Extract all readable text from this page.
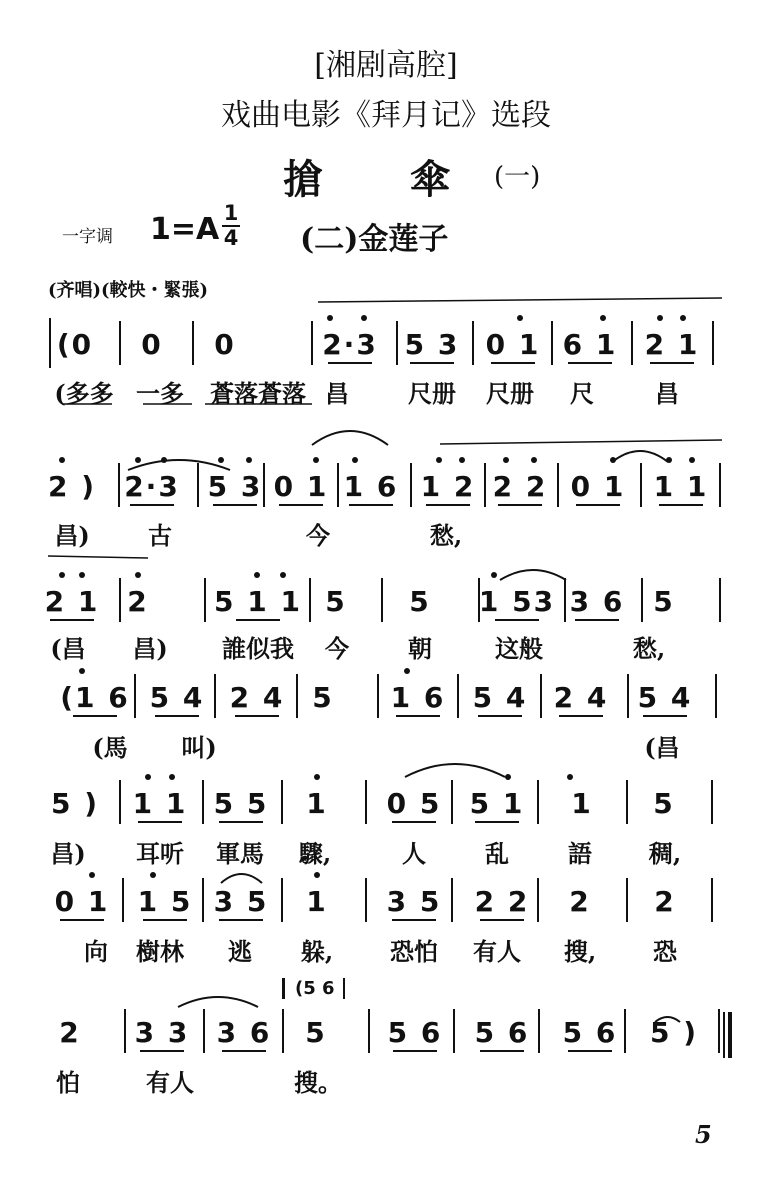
[湘剧高腔]
戏曲电影《拜月记》选段
搶 傘 (一)
一字调 1=A 1
4 (二)金莲子
(齐唱)(較快・緊張)
(0 0 0	2·3 5 3 0 1 6 1 2 1
(多多 一多 蒼落蒼落 昌 尺册 尺册 尺	昌
2 ) 2·3 5 3 0 1 1 6 1 2 2 2 0 1 1 1
昌) 古	今	愁,
2 1 2 5 1 1 5 5 1 53 3 6 5
(昌 昌) 誰似我 今 朝	这般	愁,
(1 6 5 4 2 4 5 1 6 5 4 2 4 5 4
(馬 叫)	(昌
5 ) 1 1 5 5 1 0 5 5 1 1 5
昌) 耳听 軍馬 驟,	人 乱 語 稠,
0 1 1 5 3 5 1 3 5 2 2 2 2
向 樹林 逃 躲, 恐怕 有人 搜, 恐
2 3 3 3 6 5 5 6 5 6 5 6 5 )
怕	有人	搜。
5
(5 6
